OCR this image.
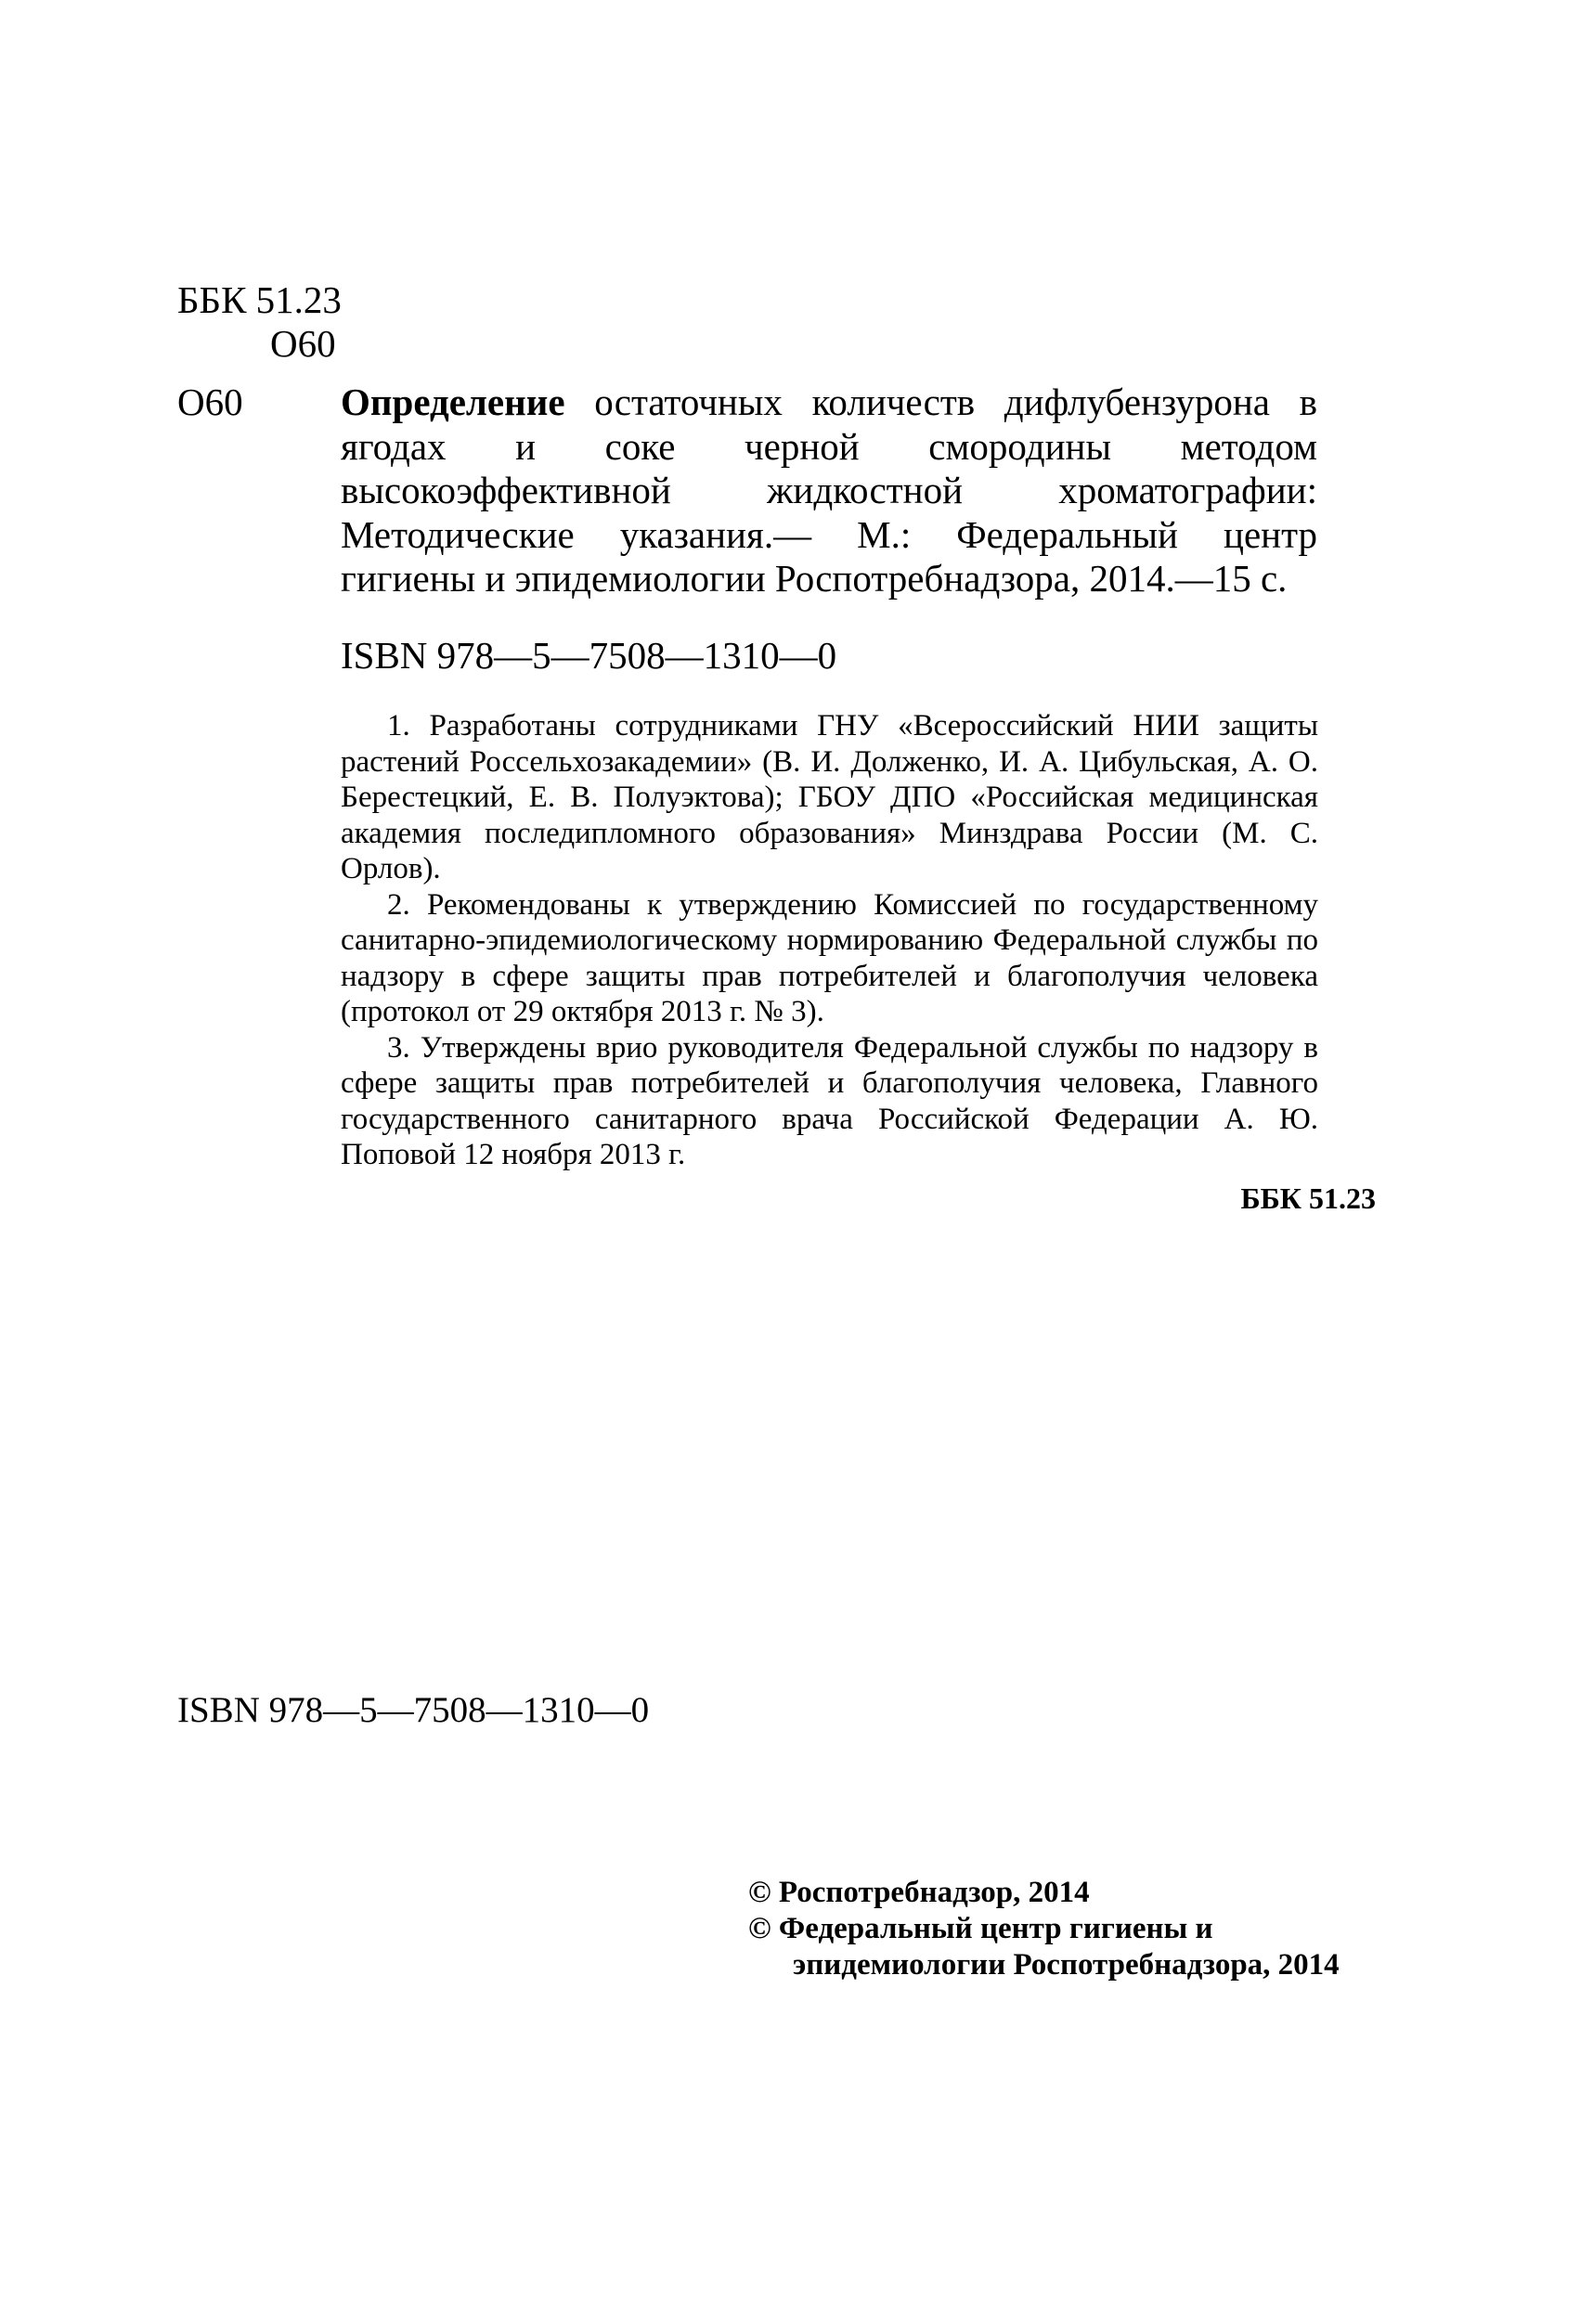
ББК 51.23
О60
О60	Определение остаточных количеств дифлубензурона в ягодах и соке черной смородины методом высокоэффективной жидкостной хроматографии: Методические указания.— М.: Федеральный центр гигиены и эпидемиологии Роспотребнадзора, 2014.—15 с.
ISBN 978—5—7508—1310—0

1. Разработаны сотрудниками ГНУ «Всероссийский НИИ защиты растений Россельхозакадемии» (В. И. Долженко, И. А. Цибульская, А. О. Берестецкий, Е. В. Полуэктова); ГБОУ ДПО «Российская медицинская академия последипломного образования» Минздрава России (М. С. Орлов).

2. Рекомендованы к утверждению Комиссией по государственному санитарно-эпидемиологическому нормированию Федеральной службы по надзору в сфере защиты прав потребителей и благополучия человека (протокол от 29 октября 2013 г. № 3).

3. Утверждены врио руководителя Федеральной службы по надзору в сфере защиты прав потребителей и благополучия человека, Главного государственного санитарного врача Российской Федерации А. Ю. Поповой 12 ноября 2013 г.

ББК 51.23
ISBN 978—5—7508—1310—0
© Роспотребнадзор, 2014
© Федеральный центр гигиены и
эпидемиологии Роспотребнадзора, 2014
